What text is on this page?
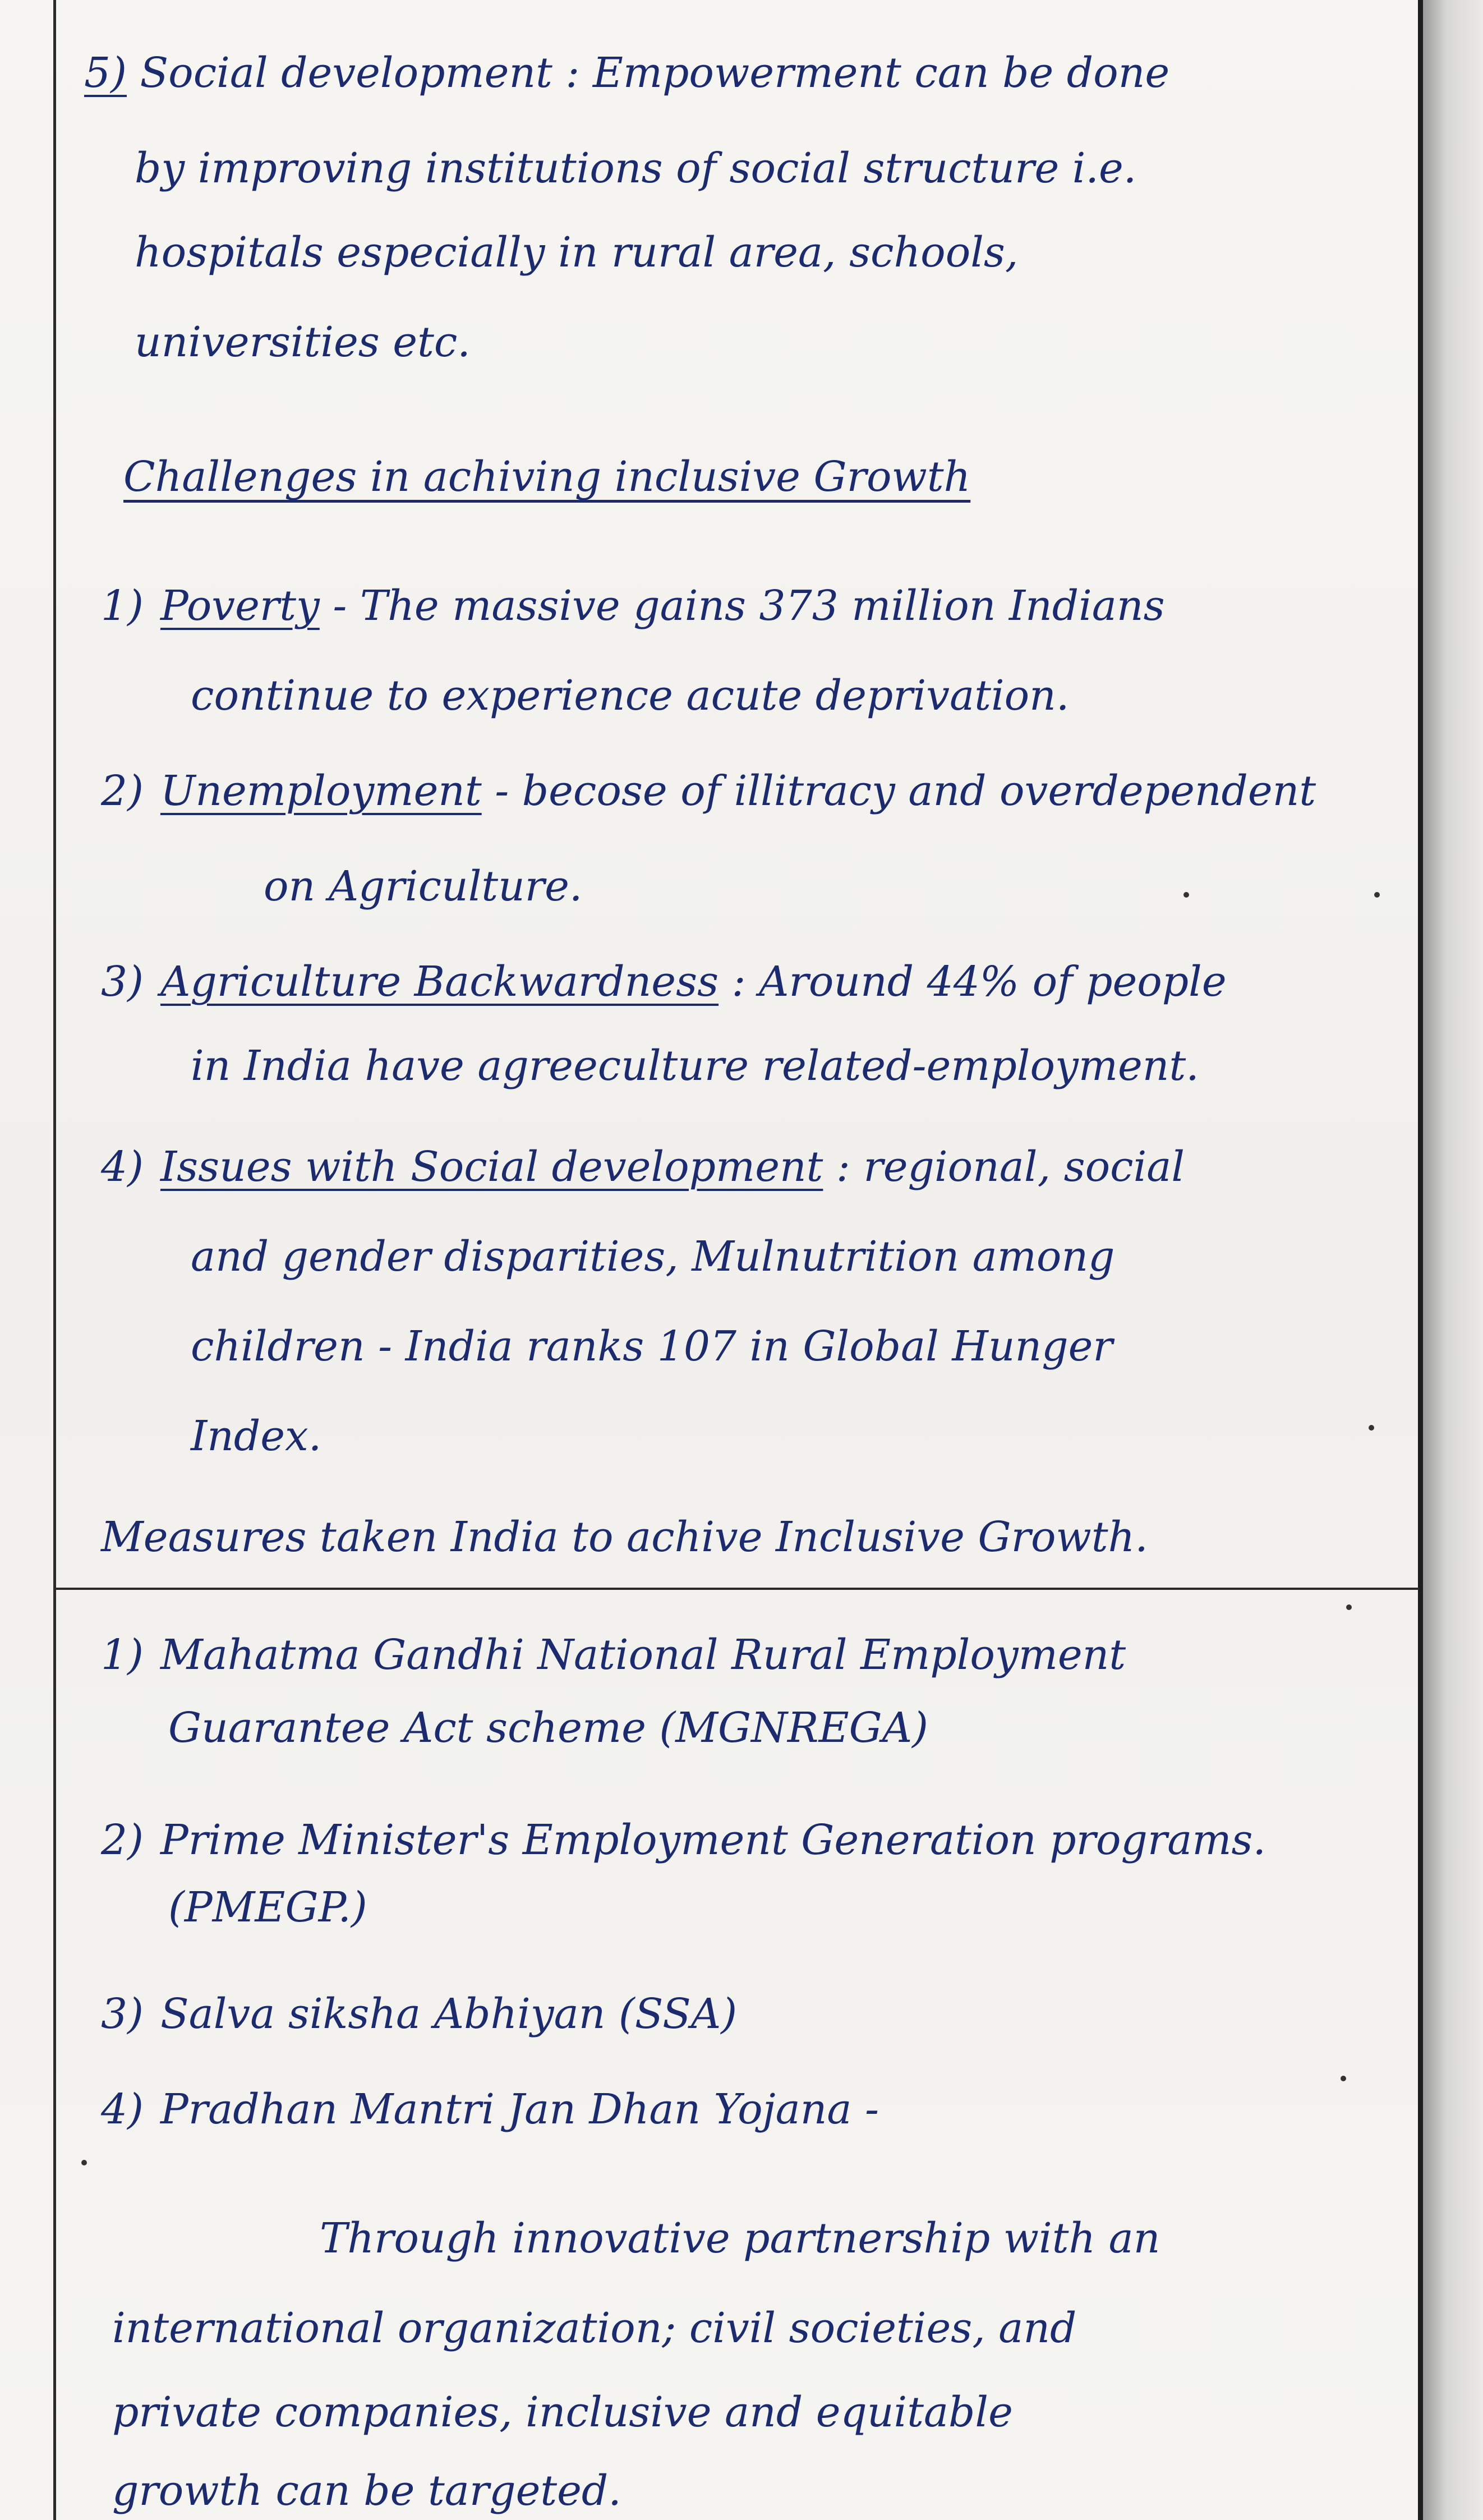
5) Social development : Empowerment can be done
by improving institutions of social structure i.e.
hospitals especially in rural area, schools,
universities etc.
Challenges in achiving inclusive Growth
1) Poverty - The massive gains 373 million Indians
continue to experience acute deprivation.
2) Unemployment - becose of illitracy and overdependent
on Agriculture.
3) Agriculture Backwardness : Around 44% of people
in India have agreeculture related-employment.
4) Issues with Social development : regional, social
and gender disparities, Mulnutrition among
children - India ranks 107 in Global Hunger
Index.
Measures taken India to achive Inclusive Growth.
1) Mahatma Gandhi National Rural Employment
Guarantee Act scheme (MGNREGA)
2) Prime Minister's Employment Generation programs.
(PMEGP.)
3) Salva siksha Abhiyan (SSA)
4) Pradhan Mantri Jan Dhan Yojana -
Through innovative partnership with an
international organization; civil societies, and
private companies, inclusive and equitable
growth can be targeted.
